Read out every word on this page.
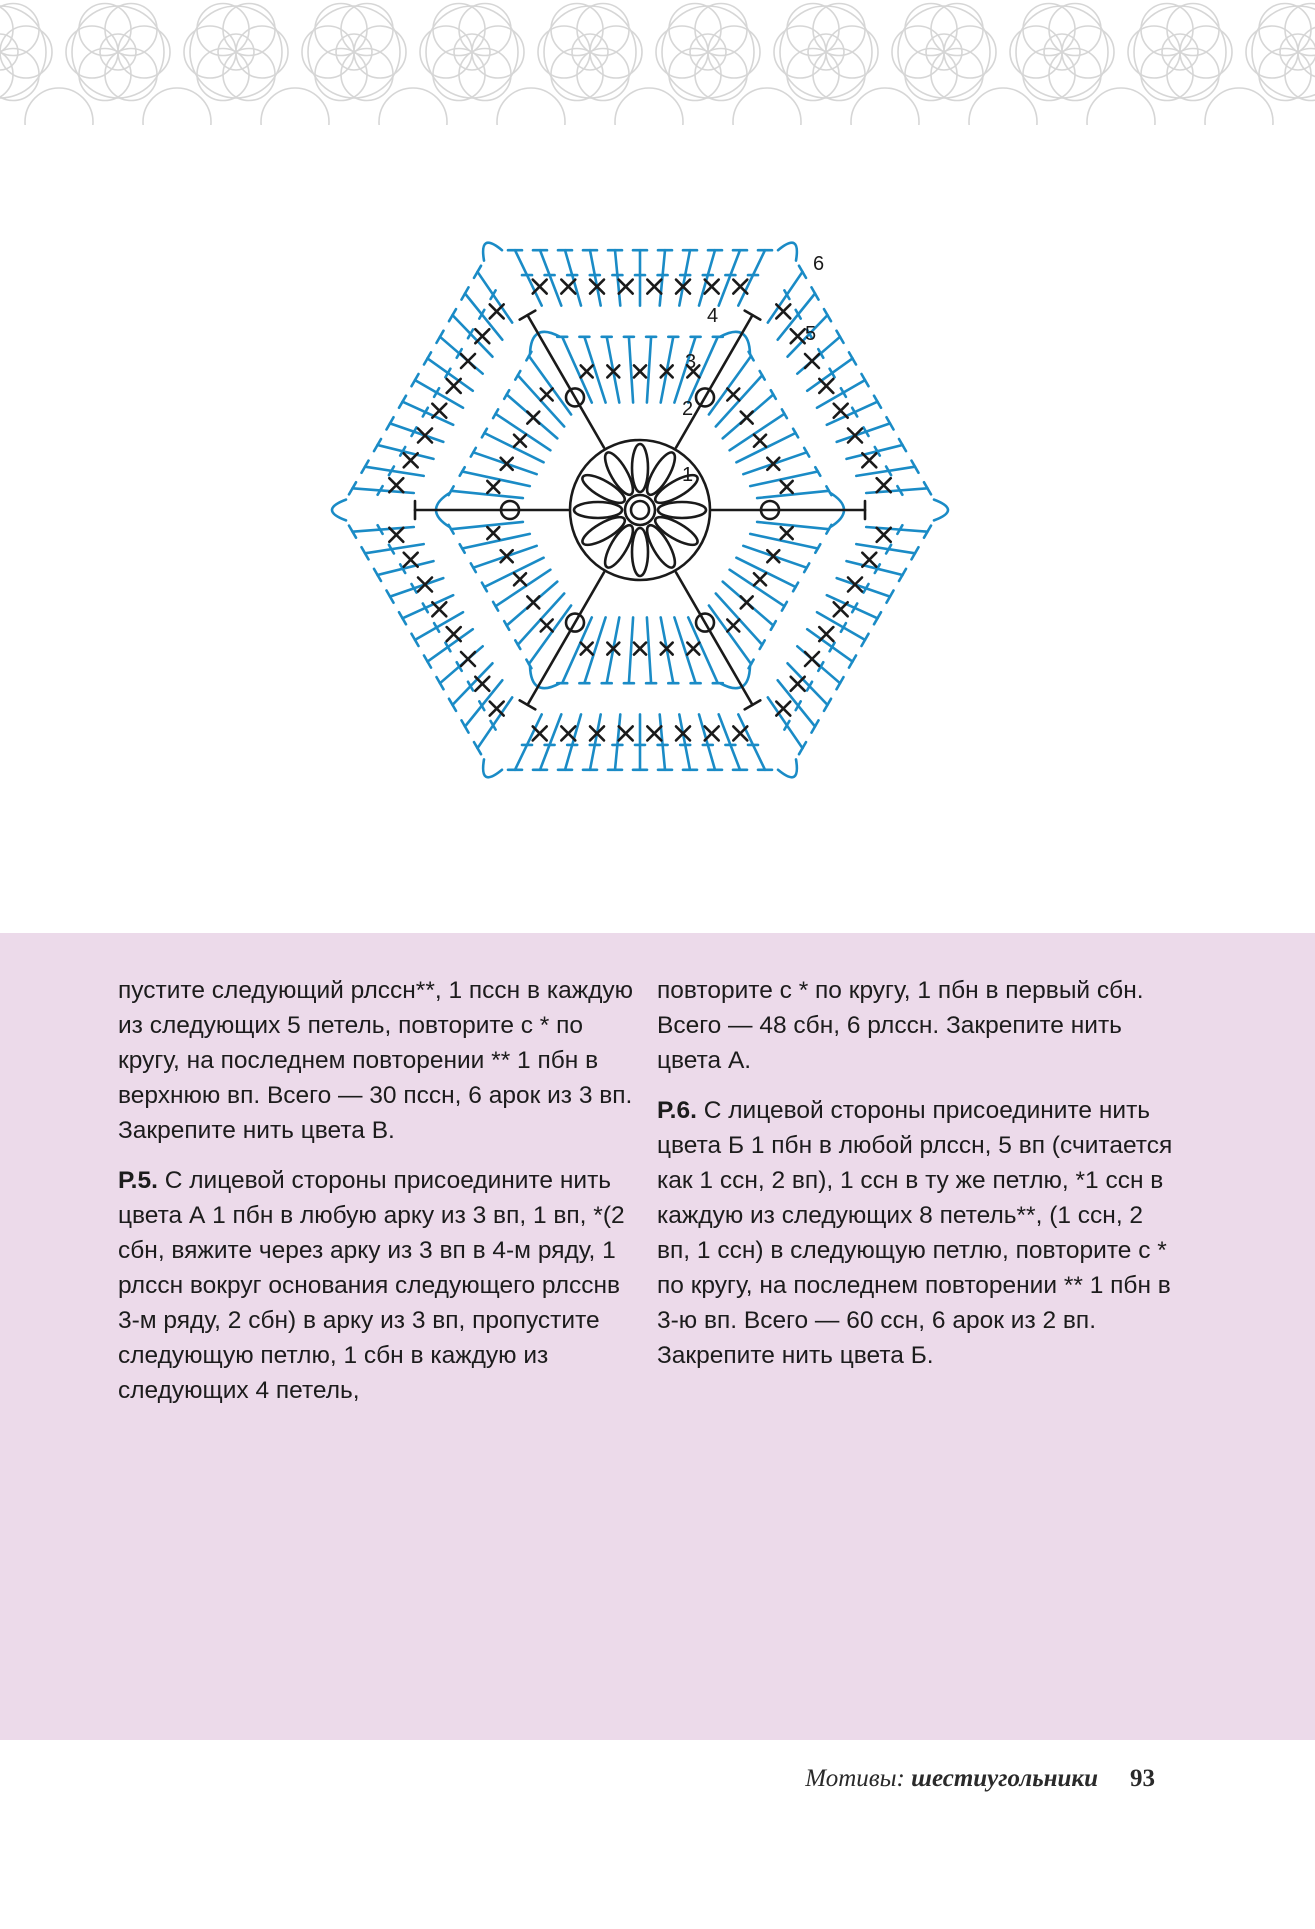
1
2
3
4
5
6

пустите следующий рлссн**, 1 пссн в каждую из следующих 5 петель, повторите с * по кругу, на последнем повторении ** 1 пбн в верхнюю вп. Всего — 30 пссн, 6 арок из 3 вп. Закрепите нить цвета В.

Р.5. С лицевой стороны присоедините нить цвета А 1 пбн в любую арку из 3 вп, 1 вп, *(2 сбн, вяжите через арку из 3 вп в 4-м ряду, 1 рлссн вокруг основания следующего рлсснв 3-м ряду, 2 сбн) в арку из 3 вп, пропустите следующую петлю, 1 сбн в каждую из следующих 4 петель,

повторите с * по кругу, 1 пбн в первый сбн. Всего — 48 сбн, 6 рлссн. Закрепите нить цвета А.

Р.6. С лицевой стороны присоедините нить цвета Б 1 пбн в любой рлссн, 5 вп (считается как 1 ссн, 2 вп), 1 ссн в ту же петлю, *1 ссн в каждую из следующих 8 петель**, (1 ссн, 2 вп, 1 ссн) в следующую петлю, повторите с * по кругу, на последнем повторении ** 1 пбн в 3-ю вп. Всего — 60 ссн, 6 арок из 2 вп. Закрепите нить цвета Б.

Мотивы: шестиугольники 93
